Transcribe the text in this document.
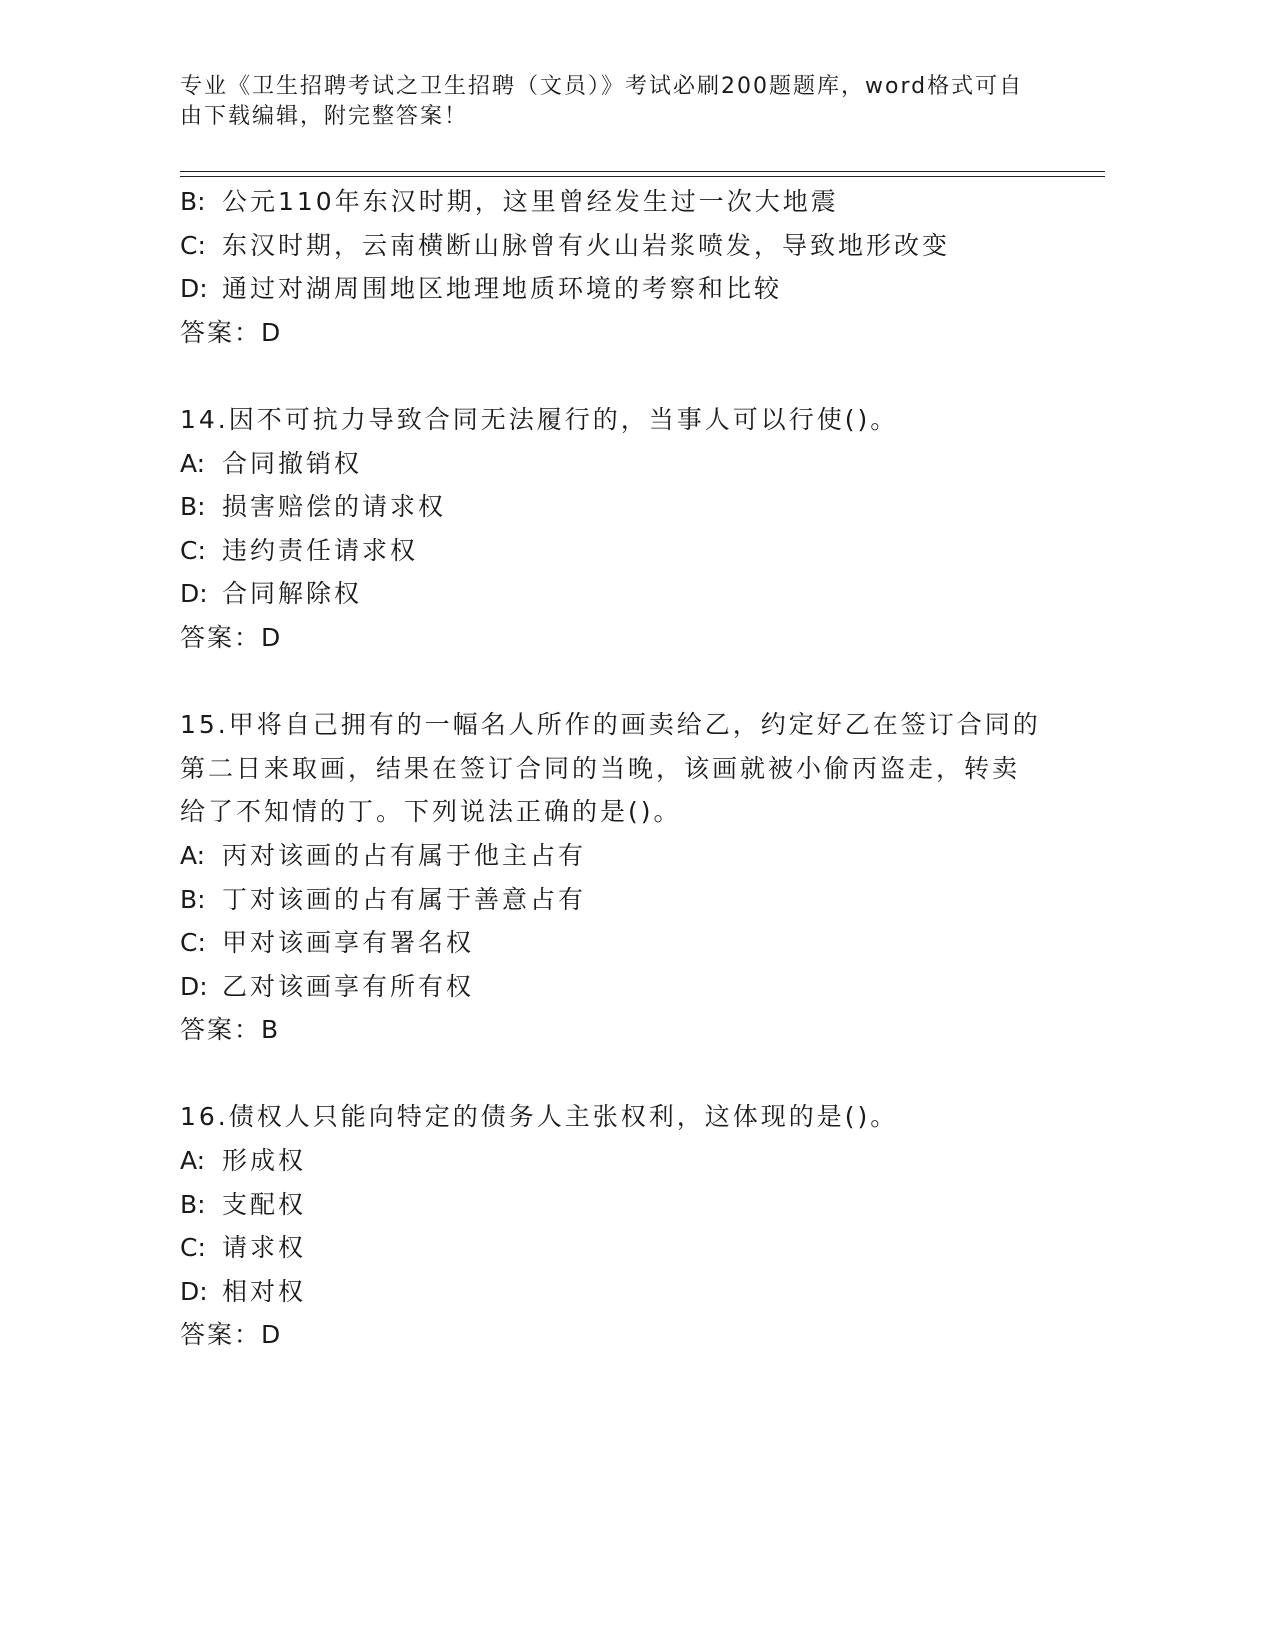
专业《卫生招聘考试之卫生招聘（文员）》考试必刷200题题库，word格式可自由下载编辑，附完整答案！
B: 公元110年东汉时期，这里曾经发生过一次大地震
C: 东汉时期，云南横断山脉曾有火山岩浆喷发，导致地形改变
D: 通过对湖周围地区地理地质环境的考察和比较
答案：D
14.因不可抗力导致合同无法履行的，当事人可以行使()。
A: 合同撤销权
B: 损害赔偿的请求权
C: 违约责任请求权
D: 合同解除权
答案：D
15.甲将自己拥有的一幅名人所作的画卖给乙，约定好乙在签订合同的
第二日来取画，结果在签订合同的当晚，该画就被小偷丙盗走，转卖
给了不知情的丁。下列说法正确的是()。
A: 丙对该画的占有属于他主占有
B: 丁对该画的占有属于善意占有
C: 甲对该画享有署名权
D: 乙对该画享有所有权
答案：B
16.债权人只能向特定的债务人主张权利，这体现的是()。
A: 形成权
B: 支配权
C: 请求权
D: 相对权
答案：D
